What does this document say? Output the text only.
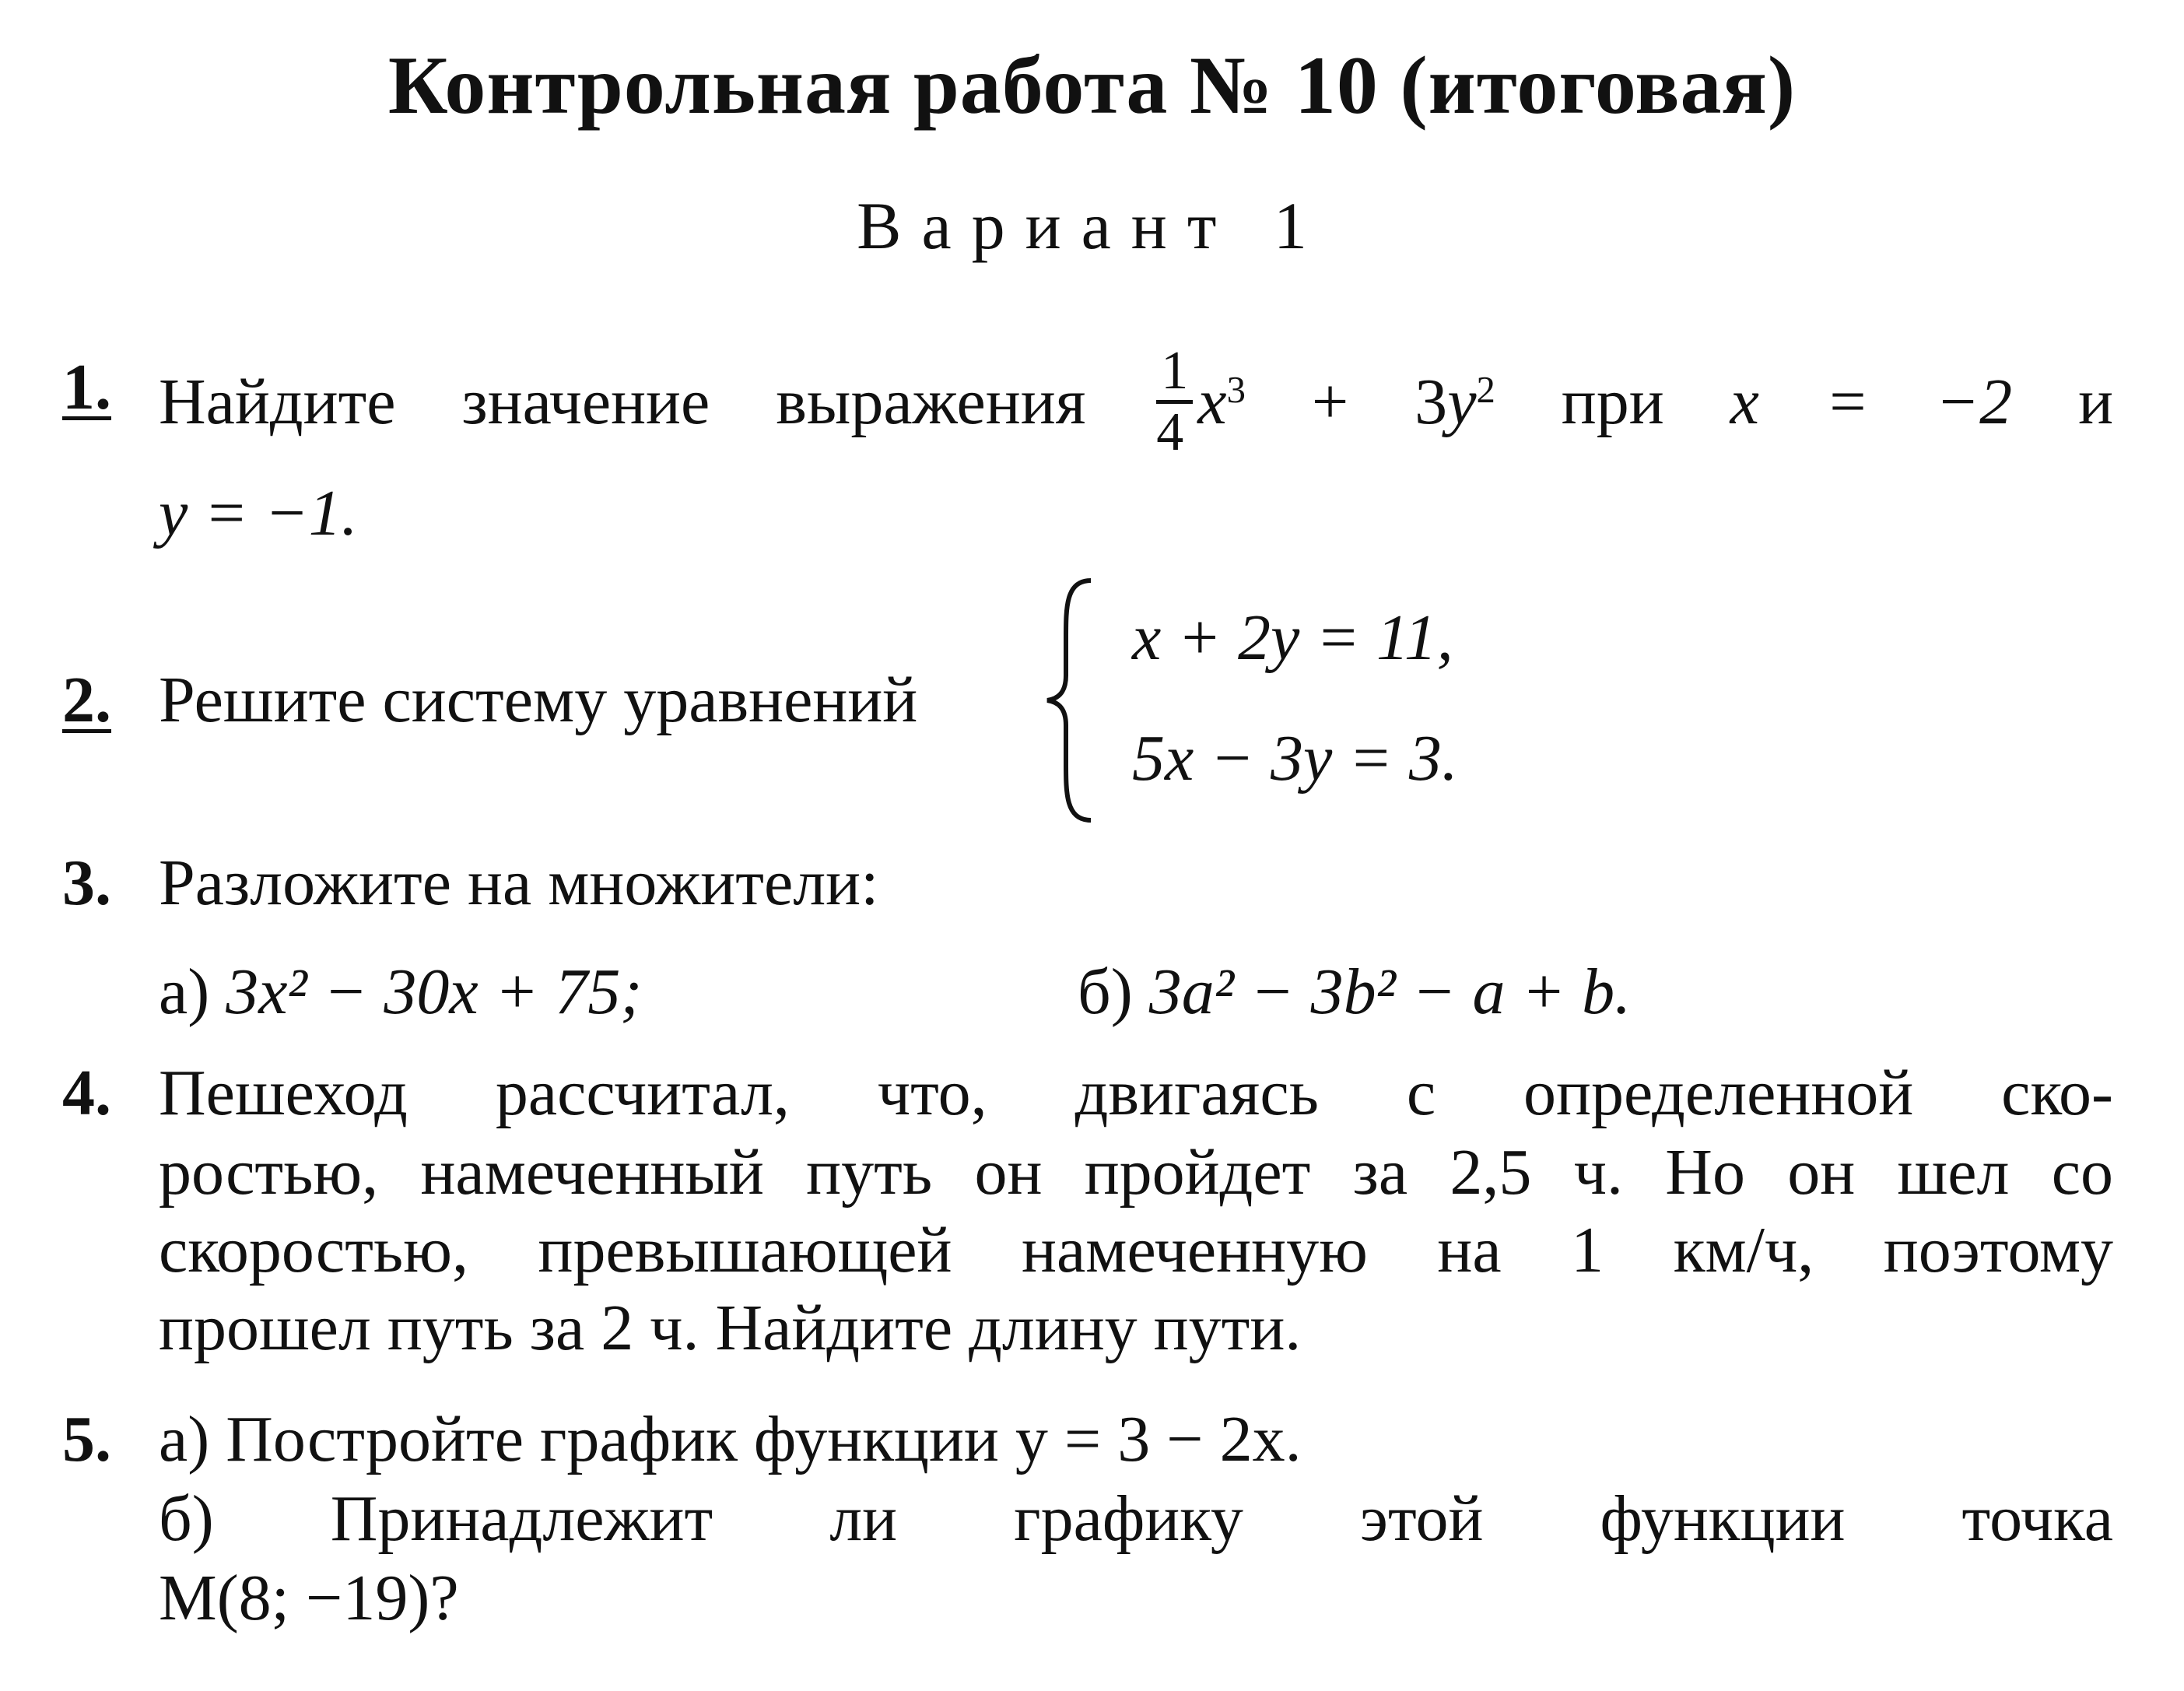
Контрольная работа № 10 (итоговая)
Вариант 1
1. Найдите значение выражения $\frac{1}{4} x^3 + 3y^2$ при x = −2 и
y = −1.
2. Решите систему уравнений
x + 2y = 11,
5x − 3y = 3.
3. Разложите на множители:
а) 3x² − 30x + 75;	б) 3a² − 3b² − a + b.
4. Пешеход рассчитал, что, двигаясь с определенной ско-
ростью, намеченный путь он пройдет за 2,5 ч. Но он шел со
скоростью, превышающей намеченную на 1 км/ч, поэтому
прошел путь за 2 ч. Найдите длину пути.
5. а) Постройте график функции y = 3 − 2x.
б) Принадлежит ли графику этой функции точка
M(8; −19)?
